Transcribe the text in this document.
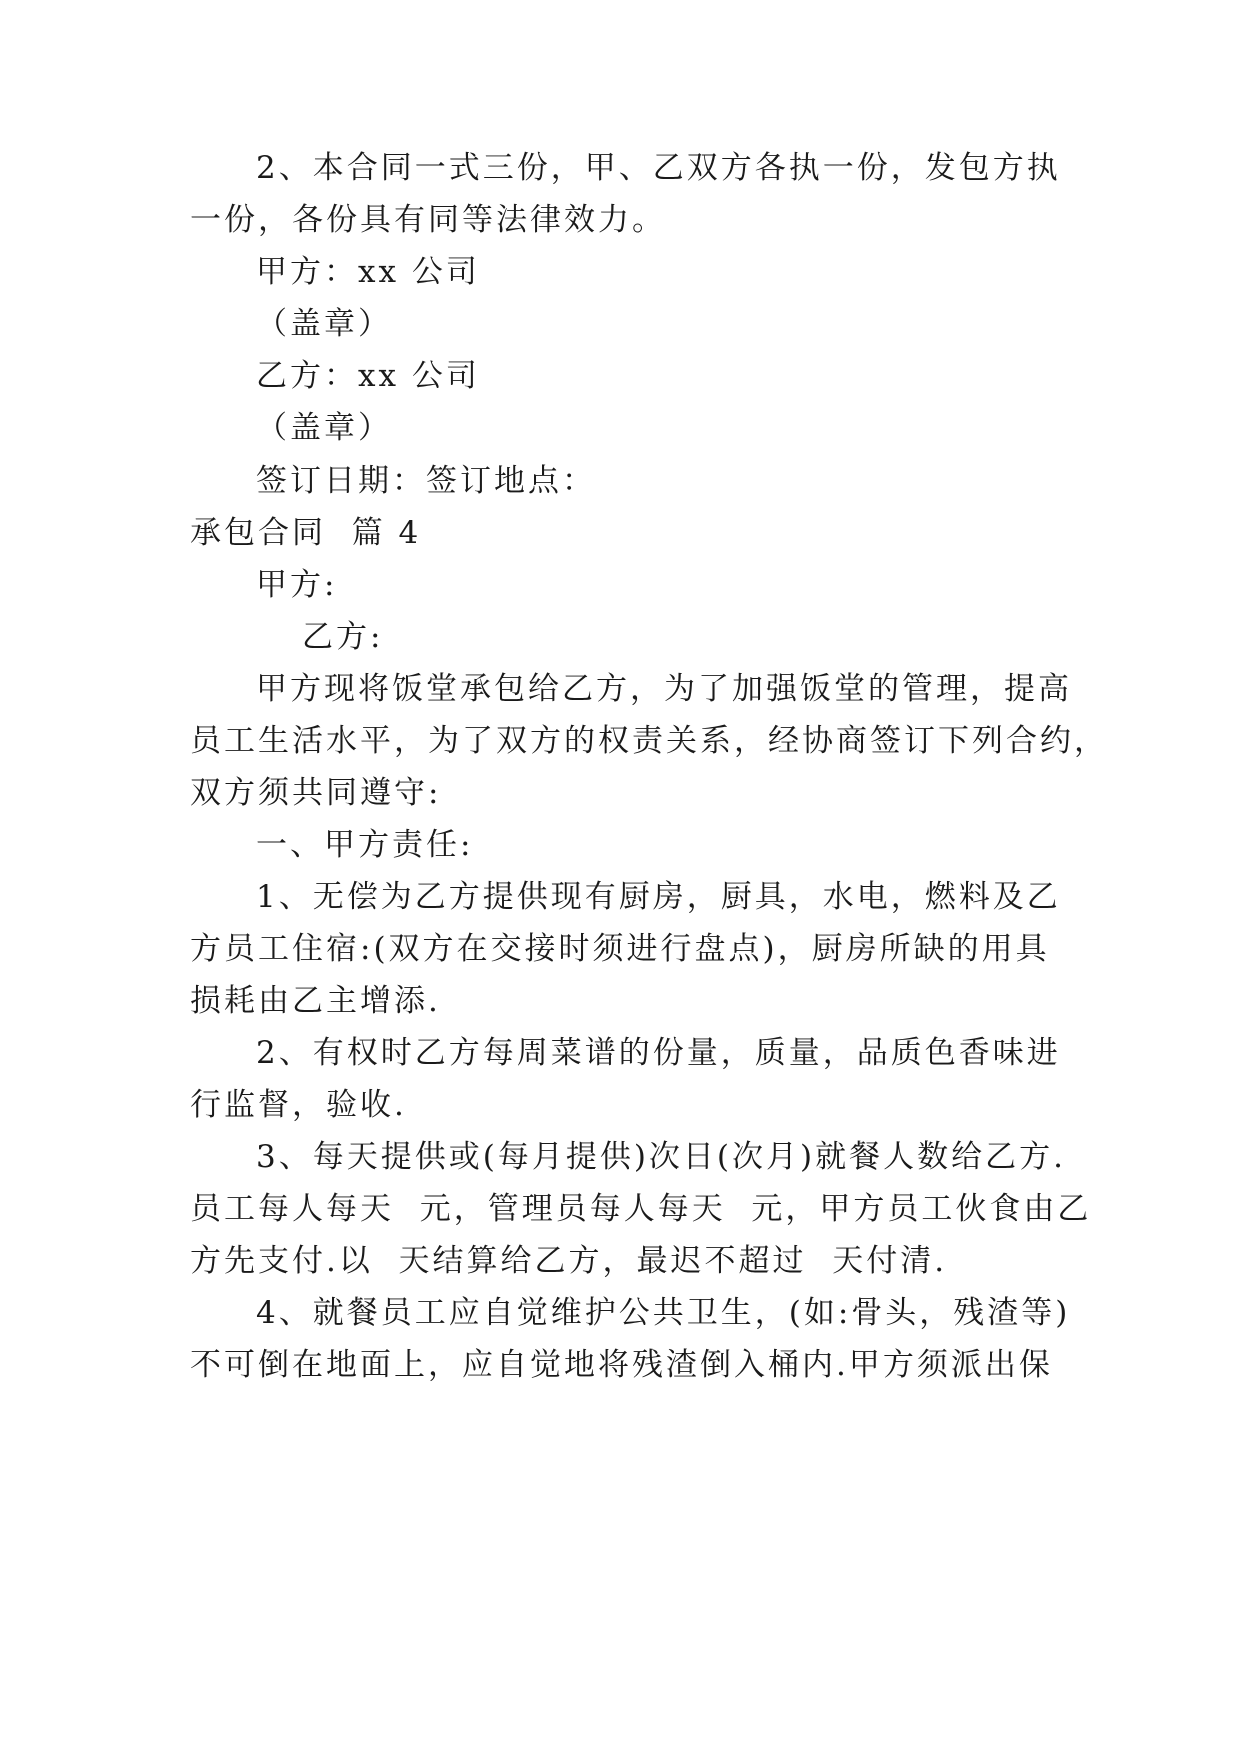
2、本合同一式三份，甲、乙双方各执一份，发包方执
一份，各份具有同等法律效力。
甲方：xx 公司
（盖章）
乙方：xx 公司
（盖章）
签订日期：签订地点：
承包合同  篇 4
甲方:
乙方:
甲方现将饭堂承包给乙方，为了加强饭堂的管理，提高
员工生活水平，为了双方的权责关系，经协商签订下列合约，
双方须共同遵守:
一、甲方责任:
1、无偿为乙方提供现有厨房，厨具，水电，燃料及乙
方员工住宿:(双方在交接时须进行盘点)，厨房所缺的用具
损耗由乙主增添.
2、有权时乙方每周菜谱的份量，质量，品质色香味进
行监督，验收.
3、每天提供或(每月提供)次日(次月)就餐人数给乙方.
员工每人每天  元，管理员每人每天  元，甲方员工伙食由乙
方先支付.以  天结算给乙方，最迟不超过  天付清.
4、就餐员工应自觉维护公共卫生，(如:骨头，残渣等)
不可倒在地面上，应自觉地将残渣倒入桶内.甲方须派出保
